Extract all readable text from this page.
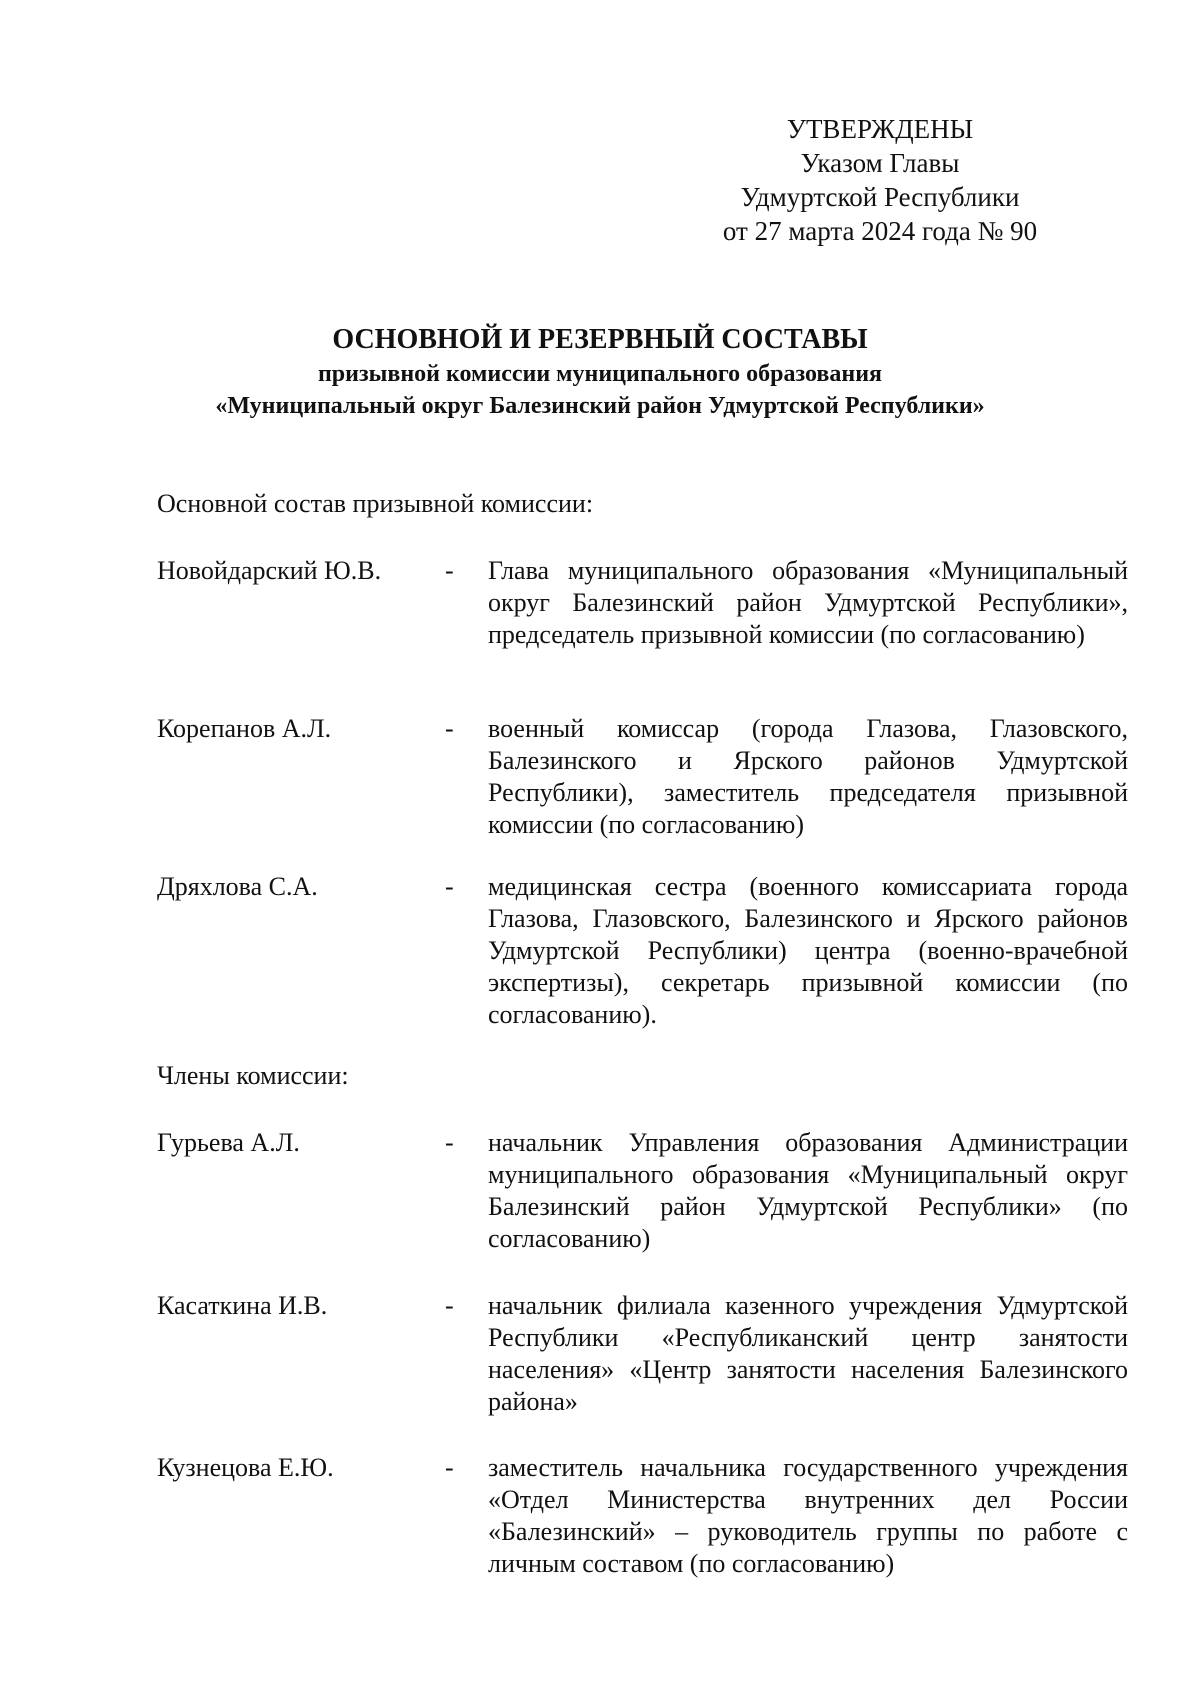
УТВЕРЖДЕНЫ
Указом Главы
Удмуртской Республики
от 27 марта 2024 года № 90
ОСНОВНОЙ И РЕЗЕРВНЫЙ СОСТАВЫ
призывной комиссии муниципального образования
«Муниципальный округ Балезинский район Удмуртской Республики»
Основной состав призывной комиссии:
Новойдарский Ю.В. - Глава муниципального образования «Муниципальный округ Балезинский район Удмуртской Республики», председатель призывной комиссии (по согласованию)
Корепанов А.Л.	- военный комиссар (города Глазова, Глазовского, Балезинского и Ярского районов Удмуртской Республики), заместитель председателя призывной комиссии (по согласованию)
Дряхлова С.А.	- медицинская сестра (военного комиссариата города Глазова, Глазовского, Балезинского и Ярского районов Удмуртской Республики) центра (военно-врачебной экспертизы), секретарь призывной комиссии (по согласованию).
Члены комиссии:
Гурьева А.Л.	- начальник Управления образования Администрации муниципального образования «Муниципальный округ Балезинский район Удмуртской Республики» (по согласованию)
Касаткина И.В.	- начальник филиала казенного учреждения Удмуртской Республики «Республиканский центр занятости населения» «Центр занятости населения Балезинского района»
Кузнецова Е.Ю.	- заместитель начальника государственного учреждения «Отдел Министерства внутренних дел России «Балезинский» – руководитель группы по работе с личным составом (по согласованию)
